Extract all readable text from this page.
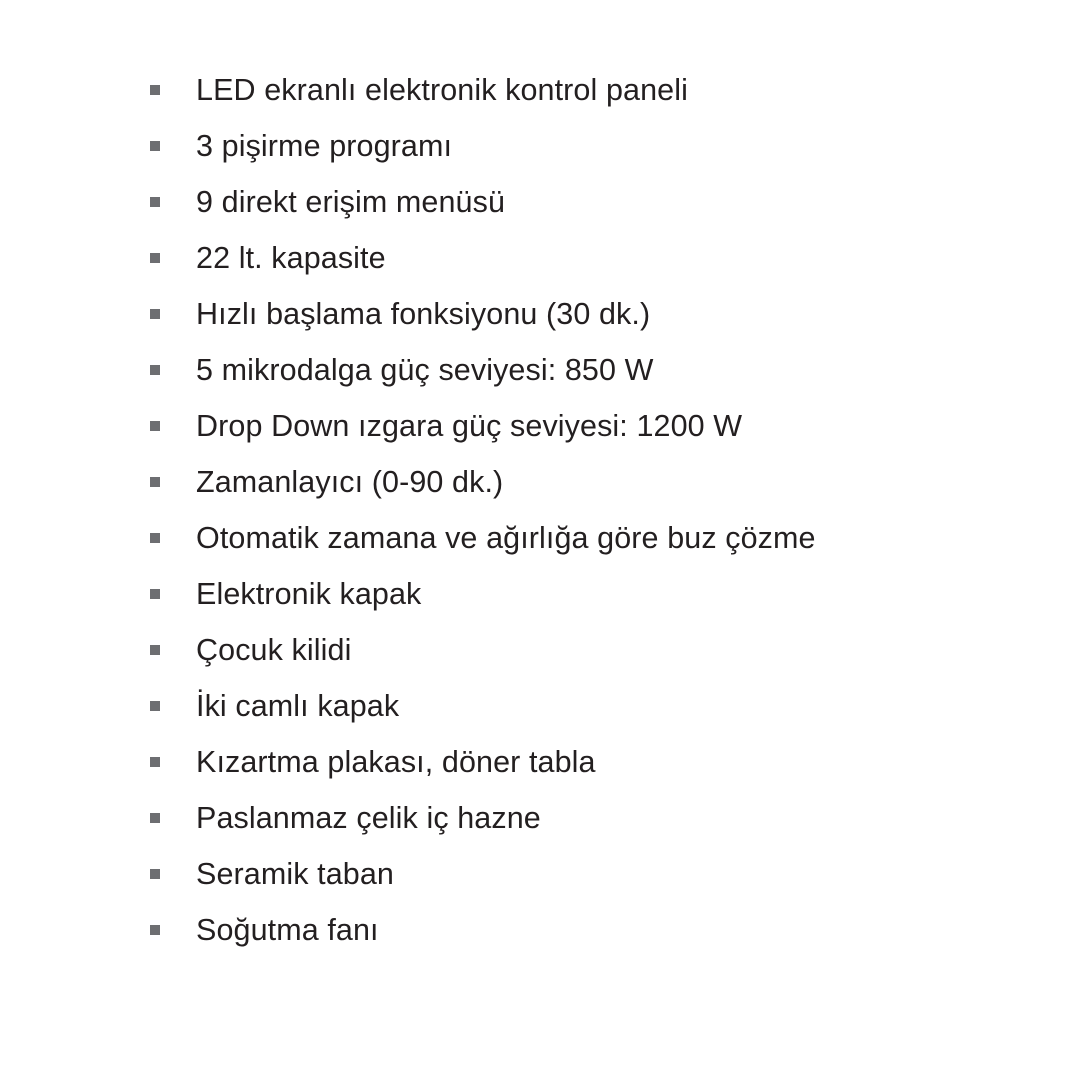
LED ekranlı elektronik kontrol paneli
3 pişirme programı
9 direkt erişim menüsü
22 lt. kapasite
Hızlı başlama fonksiyonu (30 dk.)
5 mikrodalga güç seviyesi: 850 W
Drop Down ızgara güç seviyesi: 1200 W
Zamanlayıcı (0-90 dk.)
Otomatik zamana ve ağırlığa göre buz çözme
Elektronik kapak
Çocuk kilidi
İki camlı kapak
Kızartma plakası, döner tabla
Paslanmaz çelik iç hazne
Seramik taban
Soğutma fanı
